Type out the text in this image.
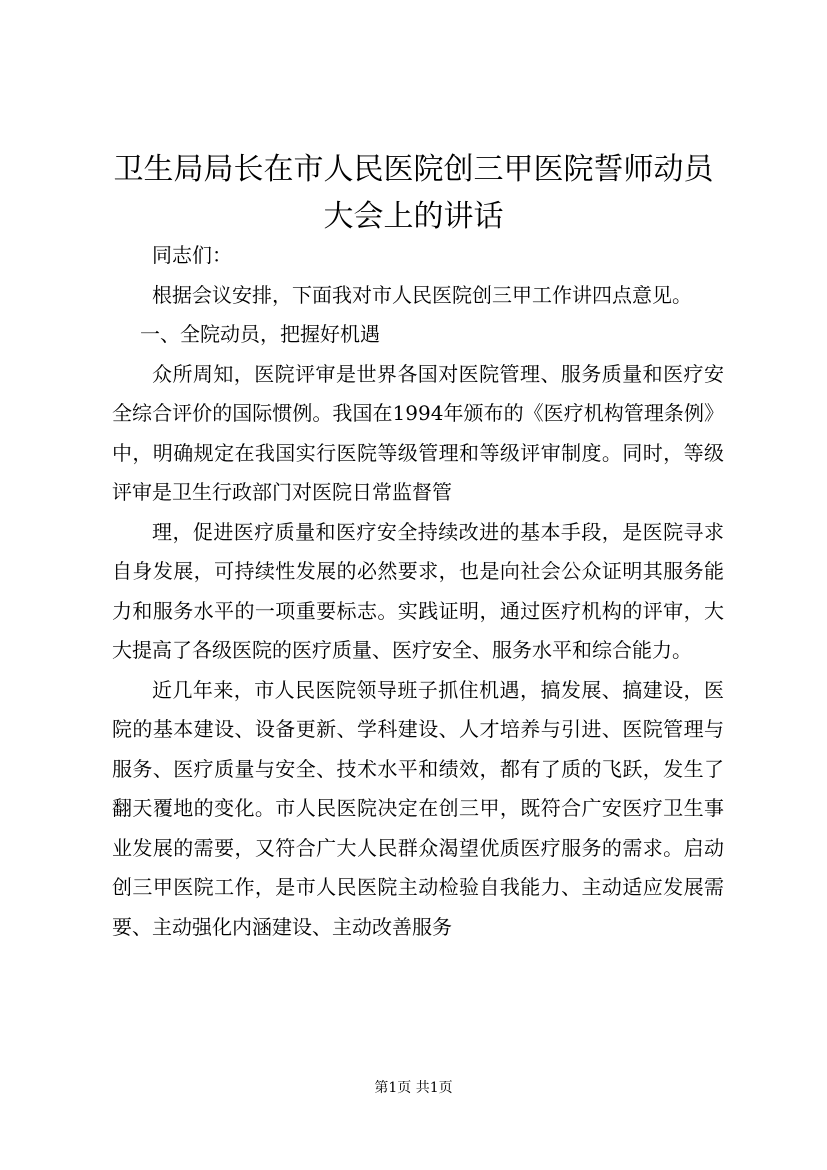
卫生局局长在市人民医院创三甲医院誓师动员大会上的讲话

同志们：

根据会议安排，下面我对市人民医院创三甲工作讲四点意见。

一、全院动员，把握好机遇

众所周知，医院评审是世界各国对医院管理、服务质量和医疗安全综合评价的国际惯例。我国在1994年颁布的《医疗机构管理条例》中，明确规定在我国实行医院等级管理和等级评审制度。同时，等级评审是卫生行政部门对医院日常监督管

理，促进医疗质量和医疗安全持续改进的基本手段，是医院寻求自身发展，可持续性发展的必然要求，也是向社会公众证明其服务能力和服务水平的一项重要标志。实践证明，通过医疗机构的评审，大大提高了各级医院的医疗质量、医疗安全、服务水平和综合能力。

近几年来，市人民医院领导班子抓住机遇，搞发展、搞建设，医院的基本建设、设备更新、学科建设、人才培养与引进、医院管理与服务、医疗质量与安全、技术水平和绩效，都有了质的飞跃，发生了翻天覆地的变化。市人民医院决定在创三甲，既符合广安医疗卫生事业发展的需要，又符合广大人民群众渴望优质医疗服务的需求。启动创三甲医院工作，是市人民医院主动检验自我能力、主动适应发展需要、主动强化内涵建设、主动改善服务

第1页 共1页
